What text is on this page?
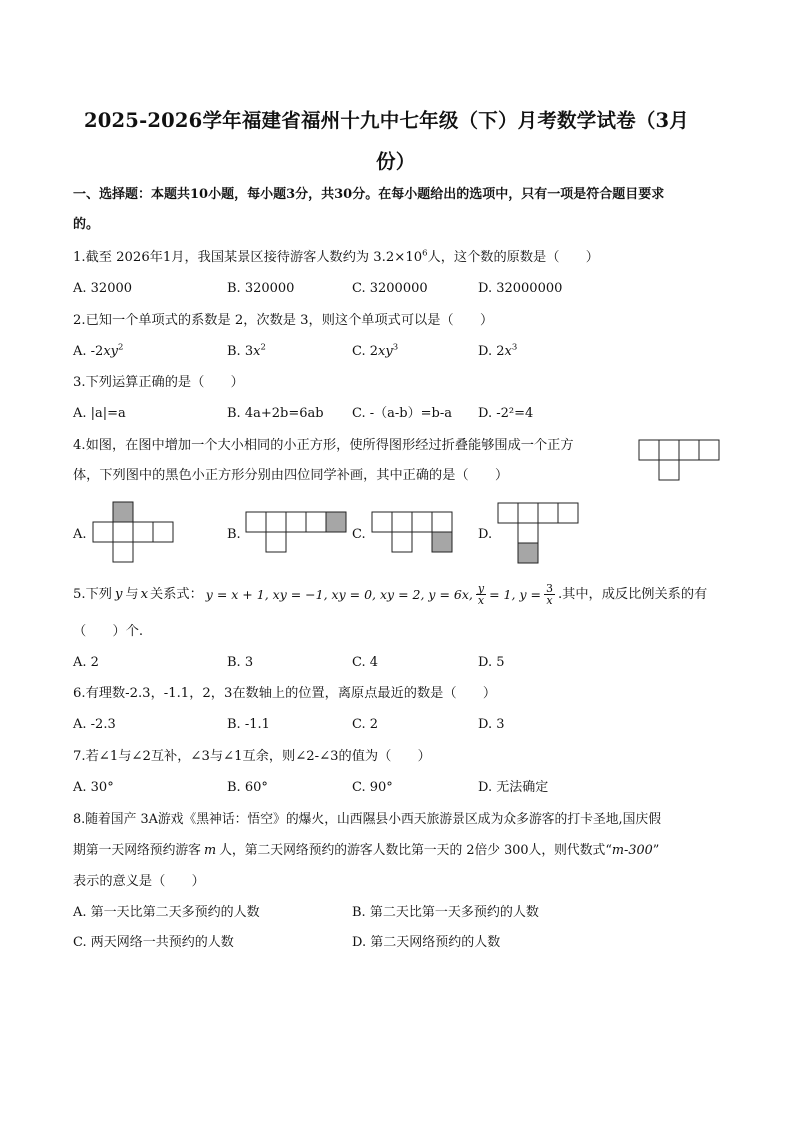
2025-2026学年福建省福州十九中七年级（下）月考数学试卷（3月
份）
一、选择题：本题共10小题，每小题3分，共30分。在每小题给出的选项中，只有一项是符合题目要求
的。
1.截至 2026年1月，我国某景区接待游客人数约为 $3.2\times 10^6$人，这个数的原数是（　　）
A. 32000	B. 320000	C. 3200000	D. 32000000
2.已知一个单项式的系数是 2，次数是 3，则这个单项式可以是（　　）
A. $-2xy^2$	B. $3x^2$	C. $2xy^3$	D. $2x^3$
3.下列运算正确的是（　　）
A. |a|=a	B. 4a+2b=6ab C. -（a-b）=b-a D. -2²=4
4.如图，在图中增加一个大小相同的小正方形，使所得图形经过折叠能够围成一个正方
体，下列图中的黑色小正方形分别由四位同学补画，其中正确的是（　　）
A.	B.	C.	D.
5.下列 y 与 x 关系式： y = x + 1, xy = −1, xy = 0, xy = 2, y = 6x, $\frac{y}{x} = 1$, $y = \frac{3}{x}$ .其中，成反比例关系的有
（　　）个.
A. 2	B. 3	C. 4	D. 5
6.有理数-2.3，-1.1，2，3在数轴上的位置，离原点最近的数是（　　）
A. -2.3	B. -1.1	C. 2	D. 3
7.若∠1与∠2互补，∠3与∠1互余，则∠2-∠3的值为（　　）
A. 30°	B. 60°	C. 90°	D. 无法确定
8.随着国产 3A游戏《黑神话：悟空》的爆火，山西隰县小西天旅游景区成为众多游客的打卡圣地,国庆假
期第一天网络预约游客 m 人，第二天网络预约的游客人数比第一天的 2倍少 300人，则代数式“m-300”
表示的意义是（　　）
A. 第一天比第二天多预约的人数	B. 第二天比第一天多预约的人数
C. 两天网络一共预约的人数	D. 第二天网络预约的人数
